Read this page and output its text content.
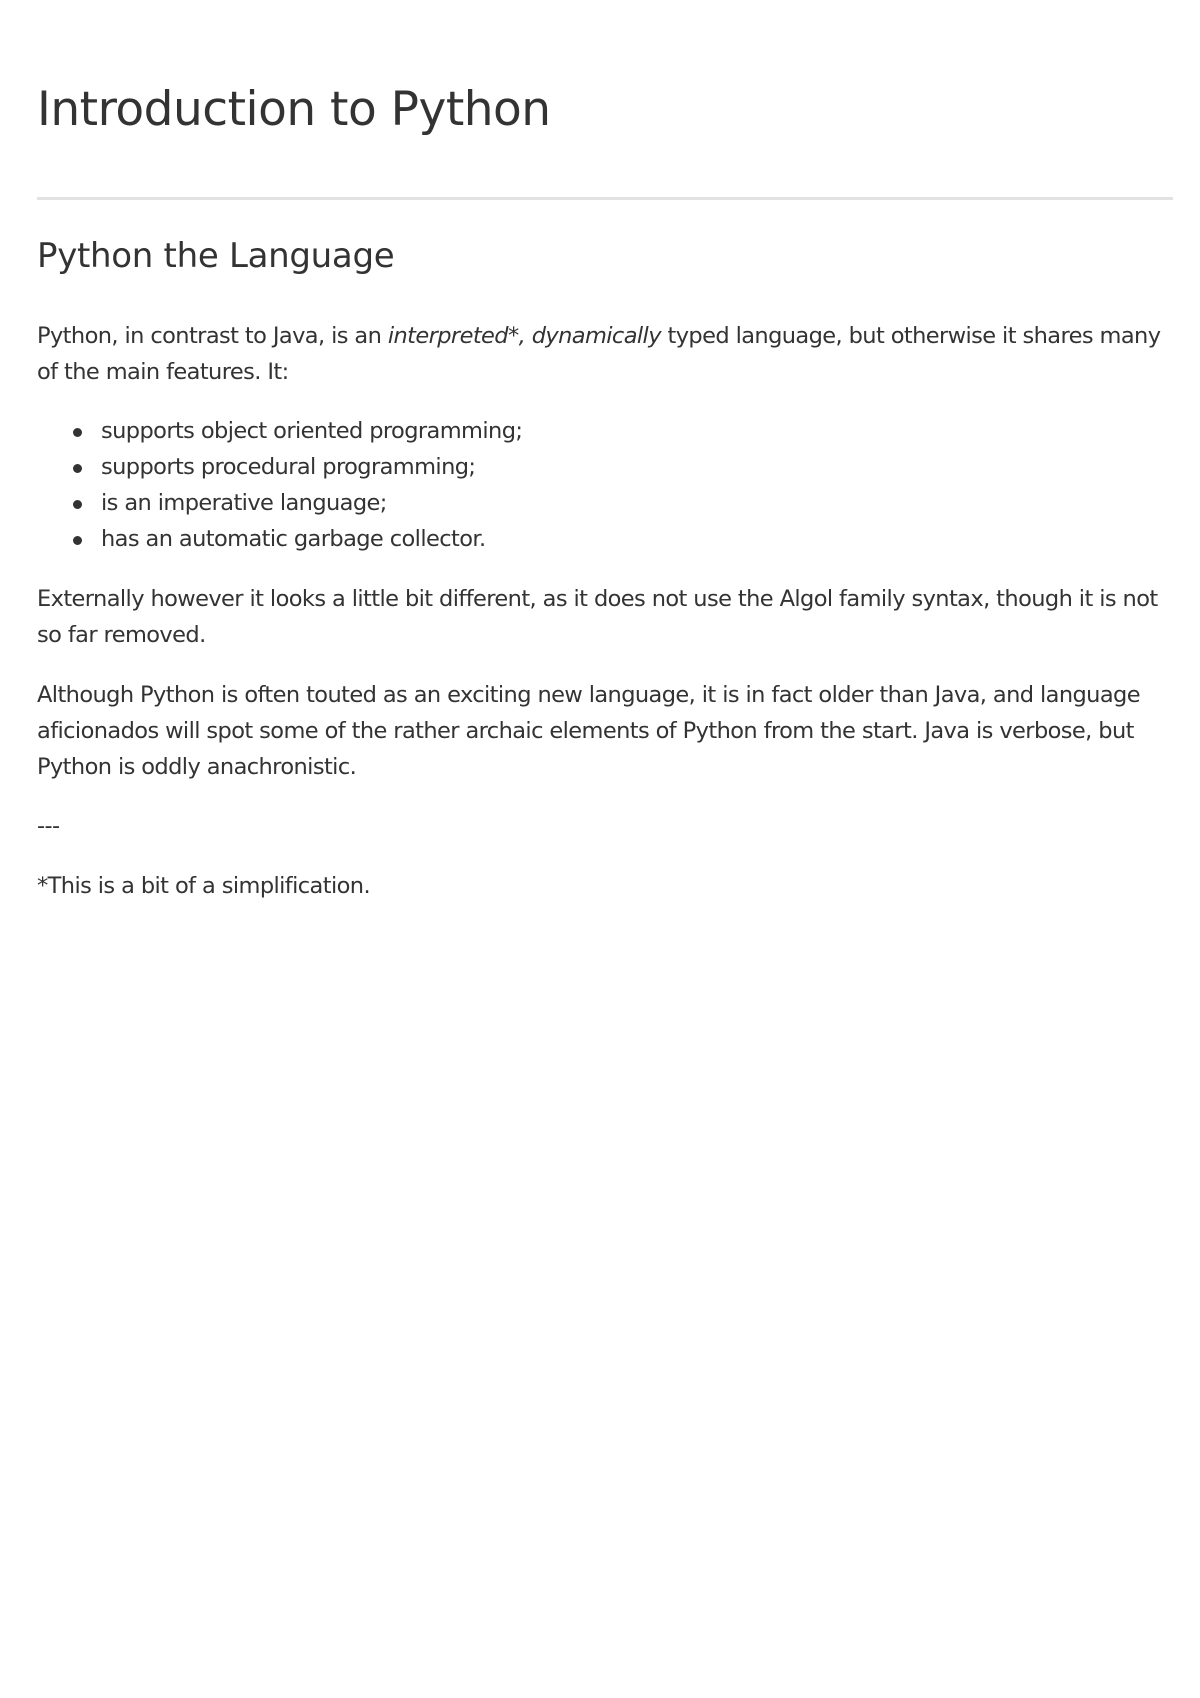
Introduction to Python
Python the Language

Python, in contrast to Java, is an interpreted*, dynamically typed language, but otherwise it shares many of the main features. It:

supports object oriented programming;
supports procedural programming;
is an imperative language;
has an automatic garbage collector.

Externally however it looks a little bit different, as it does not use the Algol family syntax, though it is not so far removed.

Although Python is often touted as an exciting new language, it is in fact older than Java, and language aficionados will spot some of the rather archaic elements of Python from the start. Java is verbose, but Python is oddly anachronistic.

---

*This is a bit of a simplification.
